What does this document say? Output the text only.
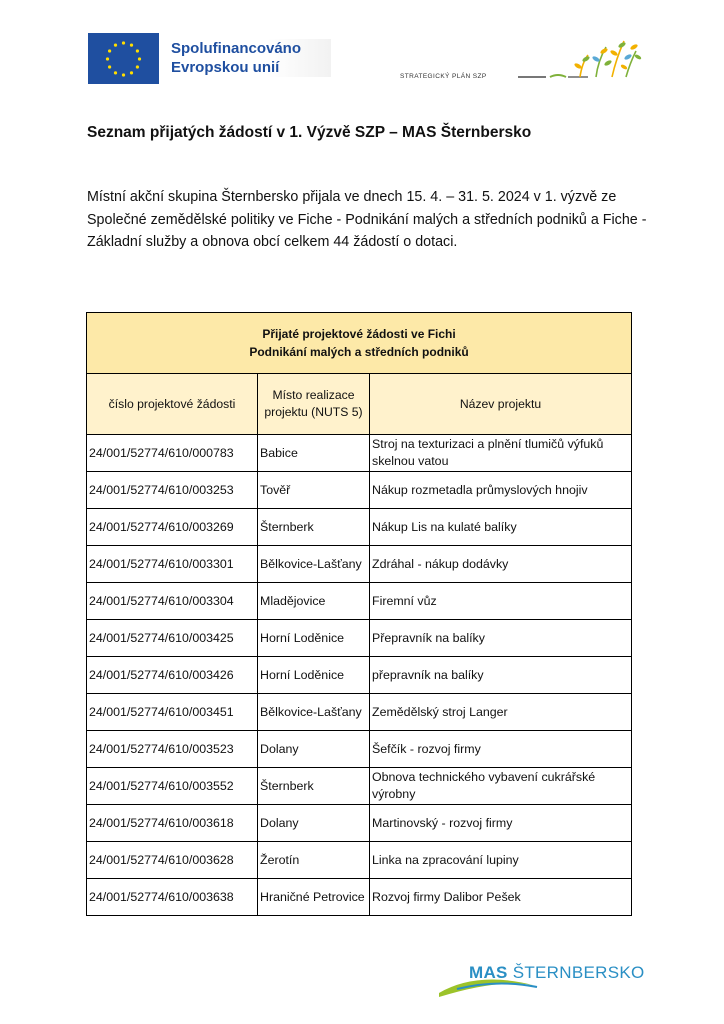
Spolufinancováno
Evropskou unií
STRATEGICKÝ PLÁN SZP
Seznam přijatých žádostí v 1. Výzvě SZP – MAS Šternbersko
Místní akční skupina Šternbersko přijala ve dnech 15. 4. – 31. 5. 2024 v 1. výzvě ze Společné zemědělské politiky ve Fiche - Podnikání malých a středních podniků a Fiche - Základní služby a obnova obcí celkem 44 žádostí o dotaci.
Přijaté projektové žádosti ve Fichi
Podnikání malých a středních podniků		

číslo projektové žádosti	Místo realizace projektu (NUTS 5)	Název projektu
24/001/52774/610/000783	Babice	Stroj na texturizaci a plnění tlumičů výfuků skelnou vatou
24/001/52774/610/003253	Tověř	Nákup rozmetadla průmyslových hnojiv
24/001/52774/610/003269	Šternberk	Nákup Lis na kulaté balíky
24/001/52774/610/003301	Bělkovice-Lašťany	Zdráhal - nákup dodávky
24/001/52774/610/003304	Mladějovice	Firemní vůz
24/001/52774/610/003425	Horní Loděnice	Přepravník na balíky
24/001/52774/610/003426	Horní Loděnice	přepravník na balíky
24/001/52774/610/003451	Bělkovice-Lašťany	Zemědělský stroj Langer
24/001/52774/610/003523	Dolany	Šefčík - rozvoj firmy
24/001/52774/610/003552	Šternberk	Obnova technického vybavení cukrářské výrobny
24/001/52774/610/003618	Dolany	Martinovský - rozvoj firmy
24/001/52774/610/003628	Žerotín	Linka na zpracování lupiny
24/001/52774/610/003638	Hraničné Petrovice	Rozvoj firmy Dalibor Pešek
MAS ŠTERNBERSKO
